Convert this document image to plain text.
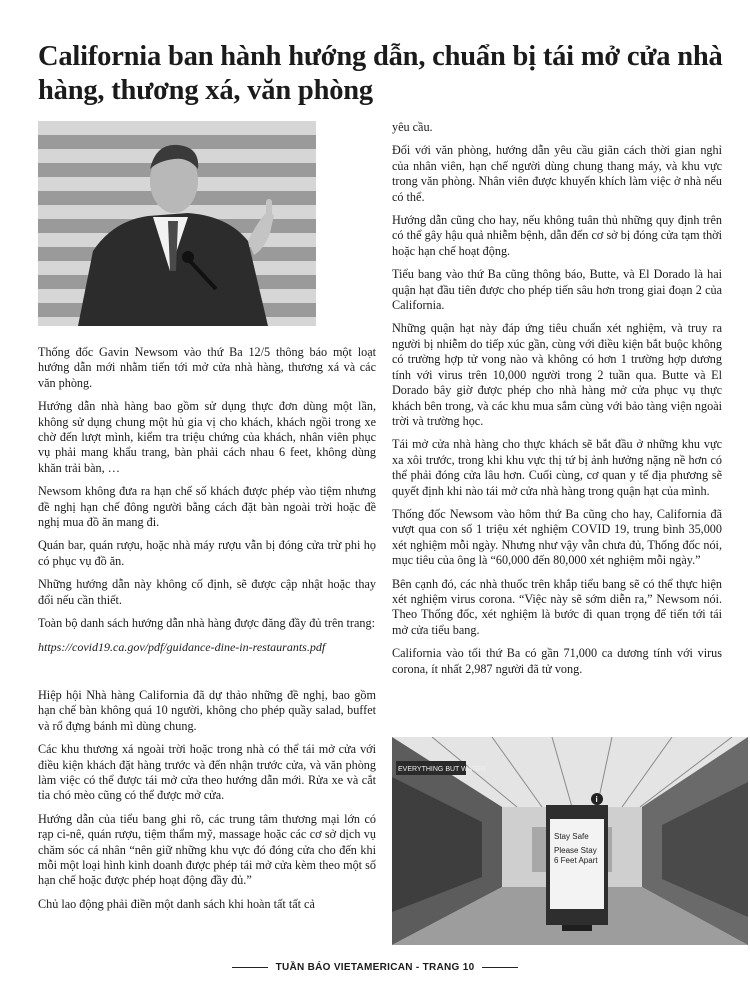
California ban hành hướng dẫn, chuẩn bị tái mở cửa nhà hàng, thương xá, văn phòng

Thống đốc Gavin Newsom vào thứ Ba 12/5 thông báo một loạt hướng dẫn mới nhằm tiến tới mở cửa nhà hàng, thương xá và các văn phòng.

Hướng dẫn nhà hàng bao gồm sử dụng thực đơn dùng một lần, không sử dụng chung một hủ gia vị cho khách, khách ngồi trong xe chờ đến lượt mình, kiểm tra triệu chứng của khách, nhân viên phục vụ phải mang khẩu trang, bàn phải cách nhau 6 feet, không dùng khăn trải bàn, …

Newsom không đưa ra hạn chế số khách được phép vào tiệm nhưng đề nghị hạn chế đông người bằng cách đặt bàn ngoài trời hoặc đề nghị mua đồ ăn mang đi.

Quán bar, quán rượu, hoặc nhà máy rượu vẫn bị đóng cửa trừ phi họ có phục vụ đồ ăn.

Những hướng dẫn này không cố định, sẽ được cập nhật hoặc thay đổi nếu cần thiết.

Toàn bộ danh sách hướng dẫn nhà hàng được đăng đầy đủ trên trang:

https://covid19.ca.gov/pdf/guidance-dine-in-restaurants.pdf

Hiệp hội Nhà hàng California đã dự thảo những đề nghị, bao gồm hạn chế bàn không quá 10 người, không cho phép quầy salad, buffet và rổ đựng bánh mì dùng chung.

Các khu thương xá ngoài trời hoặc trong nhà có thể tái mở cửa với điều kiện khách đặt hàng trước và đến nhận trước cửa, và văn phòng làm việc có thể được tái mở cửa theo hướng dẫn mới. Rửa xe và cắt tỉa chó mèo cũng có thể được mở cửa.

Hướng dẫn của tiểu bang ghi rõ, các trung tâm thương mại lớn có rạp ci-nê, quán rượu, tiệm thẩm mỹ, massage hoặc các cơ sở dịch vụ chăm sóc cá nhân “nên giữ những khu vực đó đóng cửa cho đến khi mỗi một loại hình kinh doanh được phép tái mở cửa kèm theo một số hạn chế hoặc được phép hoạt động đầy đủ.”

Chủ lao động phải điền một danh sách khi hoàn tất tất cả

yêu cầu.

Đối với văn phòng, hướng dẫn yêu cầu giãn cách thời gian nghỉ của nhân viên, hạn chế người dùng chung thang máy, và khu vực trong văn phòng. Nhân viên được khuyến khích làm việc ở nhà nếu có thể.

Hướng dẫn cũng cho hay, nếu không tuân thủ những quy định trên có thể gây hậu quả nhiễm bệnh, dẫn đến cơ sở bị đóng cửa tạm thời hoặc hạn chế hoạt động.

Tiểu bang vào thứ Ba cũng thông báo, Butte, và El Dorado là hai quận hạt đầu tiên được cho phép tiến sâu hơn trong giai đoạn 2 của California.

Những quận hạt này đáp ứng tiêu chuẩn xét nghiệm, và truy ra người bị nhiễm do tiếp xúc gần, cùng với điều kiện bắt buộc không có trường hợp tử vong nào và không có hơn 1 trường hợp dương tính với virus trên 10,000 người trong 2 tuần qua. Butte và El Dorado bây giờ được phép cho nhà hàng mở cửa phục vụ thực khách bên trong, và các khu mua sắm cùng với bảo tàng viện ngoài trời và trường học.

Tái mở cửa nhà hàng cho thực khách sẽ bắt đầu ở những khu vực xa xôi trước, trong khi khu vực thị tứ bị ảnh hưởng nặng nề hơn có thể phải đóng cửa lâu hơn. Cuối cùng, cơ quan y tế địa phương sẽ quyết định khi nào tái mở cửa nhà hàng trong quận hạt của mình.

Thống đốc Newsom vào hôm thứ Ba cũng cho hay, California đã vượt qua con số 1 triệu xét nghiệm COVID 19, trung bình 35,000 xét nghiệm mỗi ngày. Nhưng như vậy vẫn chưa đủ, Thống đốc nói, mục tiêu của ông là “60,000 đến 80,000 xét nghiệm mỗi ngày.”

Bên cạnh đó, các nhà thuốc trên khắp tiểu bang sẽ có thể thực hiện xét nghiệm virus corona. “Việc này sẽ sớm diễn ra,” Newsom nói. Theo Thống đốc, xét nghiệm là bước đi quan trọng để tiến tới tái mở cửa tiểu bang.

California vào tối thứ Ba có gần 71,000 ca dương tính với virus corona, ít nhất 2,987 người đã tử vong.

EVERYTHING BUT WATER
i
Stay Safe
Please Stay
6 Feet Apart
TUẦN BÁO VIETAMERICAN - TRANG 10
